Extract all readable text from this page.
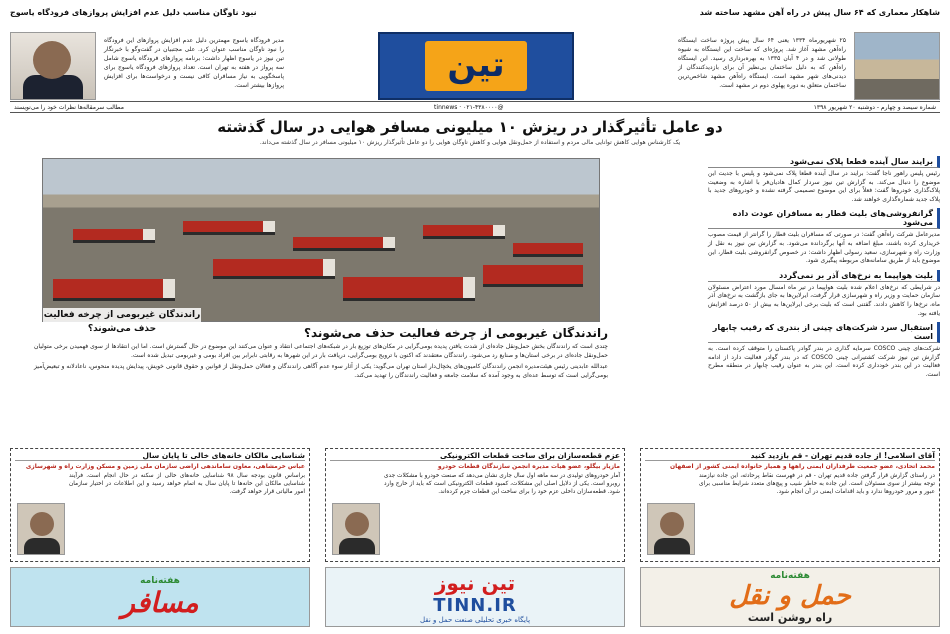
شاهکار معماری که ۶۴ سال پیش در راه آهن مشهد ساخته شد
نبود ناوگان مناسب دلیل عدم افزایش پروازهای فرودگاه یاسوج
۲۵ شهریورماه ۱۳۳۴ یعنی ۶۴ سال پیش پروژه ساخت ایستگاه راه‌آهن مشهد آغاز شد. پروژه‌ای که ساخت این ایستگاه به شیوه طولانی شد و در ۴ آبان ۱۳۳۵ به بهره‌برداری رسید. این ایستگاه راه‌آهن که به دلیل ساختمان بی‌نظیر آن برای بازدیدکنندگان از دیدنی‌های شهر مشهد است. ایستگاه راه‌آهن مشهد شاخص‌ترین ساختمان متعلق به دوره پهلوی دوم در مشهد است.
تین
مدیر فرودگاه یاسوج مهمترین دلیل عدم افزایش پروازهای این فرودگاه را نبود ناوگان مناسب عنوان کرد. علی مجتبیان در گفت‌وگو با خبرنگار تین نیوز در یاسوج اظهار داشت: برنامه پروازهای فرودگاه یاسوج شامل سه پرواز در هفته به تهران است. تعداد پروازهای فرودگاه یاسوج برای پاسخگویی به نیاز مسافران کافی نیست و درخواست‌ها برای افزایش پروازها بیشتر است.
شماره سیصد و چهارم - دوشنبه ۲۰ شهریور ۱۳۹۸
@tinnews · ۰۲۱-۴۳۸۰۰۰۰
مطالب سرمقاله‌ها نظرات خود را می‌نویسند
دو عامل تأثیرگذار در ریزش ۱۰ میلیونی مسافر هوایی در سال گذشته
یک کارشناس هوایی کاهش توانایی مالی مردم و استفاده از حمل‌ونقل هوایی و کاهش ناوگان هوایی را دو عامل تأثیرگذار ریزش ۱۰ میلیونی مسافر در سال گذشته می‌داند.
برایند سال آینده قطعا پلاک نمی‌شود
رئیس پلیس راهور ناجا گفت: برایند در سال آینده قطعا پلاک نمی‌شود و پلیس با جدیت این موضوع را دنبال می‌کند. به گزارش تین نیوز سردار کمال هادیان‌فر با اشاره به وضعیت پلاک‌گذاری خودروها گفت: فعلاً برای این موضوع تصمیمی گرفته نشده و خودروهای جدید با پلاک جدید شماره‌گذاری خواهند شد.
گرانفروشی‌های بلیت قطار به مسافران عودت داده می‌شود
مدیرعامل شرکت راه‌آهن گفت: در صورتی که مسافران بلیت قطار را گرانتر از قیمت مصوب خریداری کرده باشند، مبلغ اضافه به آنها برگردانده می‌شود. به گزارش تین نیوز به نقل از وزارت راه و شهرسازی، سعید رسولی اظهار داشت: در خصوص گرانفروشی بلیت قطار، این موضوع باید از طریق سامانه‌های مربوطه پیگیری شود.
بلیت هواپیما به نرخ‌های آذر بر نمی‌گردد
در شرایطی که نرخ‌های اعلام شده بلیت هواپیما در تیر ماه امسال مورد اعتراض مسئولان سازمان حمایت و وزیر راه و شهرسازی قرار گرفت، ایرلاین‌ها به جای بازگشت به نرخ‌های آذر ماه، نرخ‌ها را کاهش دادند. گفتنی است که بلیت برخی ایرلاین‌ها به بیش از ۵۰ درصد افزایش یافته بود.
استقبال سرد شرکت‌های چینی از بندری که رقیب چابهار است
شرکت‌های چینی COSCO سرمایه گذاری در بندر گوادر پاکستان را متوقف کرده است. به گزارش تین نیوز شرکت کشتیرانی چینی COSCO که در بندر گوادر فعالیت دارد از ادامه فعالیت در این بندر خودداری کرده است. این بندر به عنوان رقیب چابهار در منطقه مطرح است.
راندندگان غیربومی از چرخه فعالیت حذف می‌شوند؟	راندندگان غیربومی از چرخه فعالیت حذف می‌شوند؟

چندی است که راندندگان بخش حمل‌ونقل جاده‌ای از شدت یافتن پدیده بومی‌گرایی در مکان‌های توزیع بار در شبکه‌های اجتماعی انتقاد و عنوان می‌کنند این موضوع در حال گسترش است. اما این انتقادها از سوی فهمیدن برخی متولیان حمل‌ونقل جاده‌ای در برخی استان‌ها و صنایع رد می‌شود. راندندگان معتقدند که اکنون با ترویج بومی‌گرایی، دریافت بار در این شهرها به رقابتی نابرابر بین افراد بومی و غیربومی تبدیل شده است.

عبدالله عابدینی رئیس هیئت‌مدیره انجمن راندندگان کامیون‌های یخچال‌دار استان تهران می‌گوید: یکی از آثار سوء عدم آگاهی راندندگان و فعالان حمل‌ونقل از قوانین و حقوق قانونی خویش، پیدایش پدیده منحوس، ناعادلانه و تبعیض‌آمیز بومی‌گرایی است که توسط عده‌ای به وجود آمده که سلامت جامعه و فعالیت راندندگان را تهدید می‌کند.

آقای اسلامی! از جاده قدیم تهران - قم بازدید کنید
محمد اتحادی، عضو جمعیت طرفداران ایمنی راهها و همیار خانواده ایمنی کشور از اصفهان
در راستای گزارش قرار گرفتن جاده قدیم تهران - قم در فهرست نقاط پرحادثه، این جاده نیازمند توجه بیشتر از سوی مسئولان است. این جاده به خاطر شیب و پیچ‌های متعدد شرایط مناسبی برای عبور و مرور خودروها ندارد و باید اقدامات ایمنی در آن انجام شود.
عزم قطعه‌سازان برای ساخت قطعات الکترونیکی
مازیار بیگلو، عضو هیات مدیره انجمن سازندگان قطعات خودرو
آمار خودروهای تولیدی در سه ماهه اول سال جاری نشان می‌دهد که صنعت خودرو با مشکلات جدی روبرو است. یکی از دلایل اصلی این مشکلات، کمبود قطعات الکترونیکی است که باید از خارج وارد شود. قطعه‌سازان داخلی عزم خود را برای ساخت این قطعات جزم کرده‌اند.
شناسایی مالکان خانه‌های خالی تا پایان سال
عباس خرمشاهی، معاون ساماندهی اراضی سازمان ملی زمین و مسکن وزارت راه و شهرسازی
براساس قانون بودجه سال ۹۸ شناسایی خانه‌های خالی از سکنه در حال انجام است. فرآیند شناسایی مالکان این خانه‌ها تا پایان سال به اتمام خواهد رسید و این اطلاعات در اختیار سازمان امور مالیاتی قرار خواهد گرفت.
هفته‌نامه
مسافر
تین نیوز
TINN.IR
پایگاه خبری تحلیلی صنعت حمل و نقل
هفته‌نامه
حمل و نقل
راه روشن است
